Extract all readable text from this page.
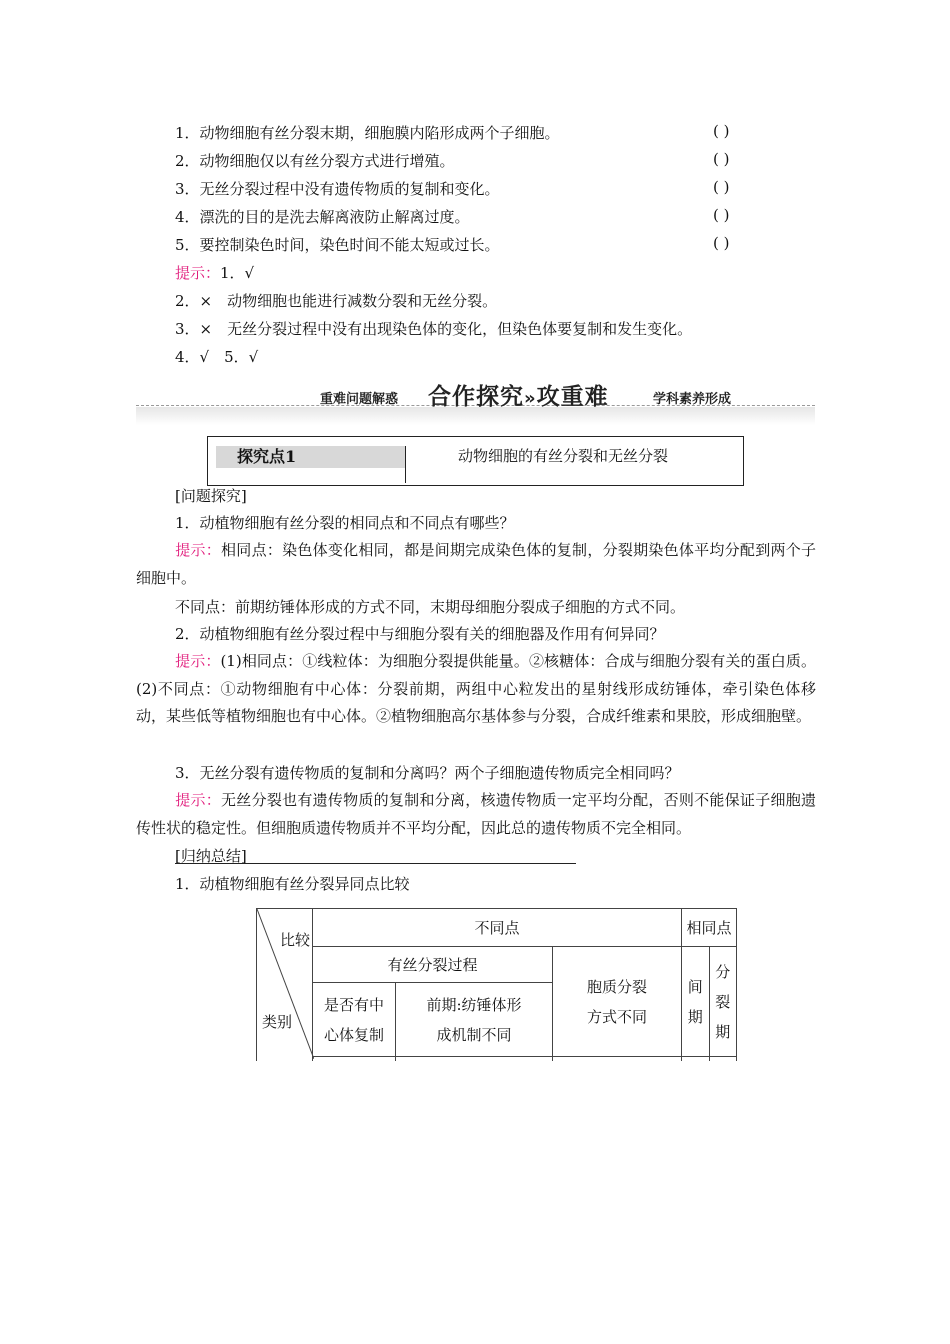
1．动物细胞有丝分裂末期，细胞膜内陷形成两个子细胞。	( )
2．动物细胞仅以有丝分裂方式进行增殖。	( )
3．无丝分裂过程中没有遗传物质的复制和变化。	( )
4．漂洗的目的是洗去解离液防止解离过度。	( )
5．要控制染色时间，染色时间不能太短或过长。	( )
提示：1．√
2．×　动物细胞也能进行减数分裂和无丝分裂。
3．×　无丝分裂过程中没有出现染色体的变化，但染色体要复制和发生变化。
4．√　5．√
重难问题解惑 合作探究»攻重难	学科素养形成
探究点1	动物细胞的有丝分裂和无丝分裂
[问题探究]
1．动植物细胞有丝分裂的相同点和不同点有哪些？
提示：相同点：染色体变化相同，都是间期完成染色体的复制，分裂期染色体平均分配到两个子细胞中。
不同点：前期纺锤体形成的方式不同，末期母细胞分裂成子细胞的方式不同。
2．动植物细胞有丝分裂过程中与细胞分裂有关的细胞器及作用有何异同？
提示：(1)相同点：①线粒体：为细胞分裂提供能量。②核糖体：合成与细胞分裂有关的蛋白质。(2)不同点：①动物细胞有中心体：分裂前期，两组中心粒发出的星射线形成纺锤体，牵引染色体移动，某些低等植物细胞也有中心体。②植物细胞高尔基体参与分裂，合成纤维素和果胶，形成细胞壁。
3．无丝分裂有遗传物质的复制和分离吗？两个子细胞遗传物质完全相同吗？
提示：无丝分裂也有遗传物质的复制和分离，核遗传物质一定平均分配，否则不能保证子细胞遗传性状的稳定性。但细胞质遗传物质并不平均分配，因此总的遗传物质不完全相同。
[归纳总结]
1．动植物细胞有丝分裂异同点比较
比较
类别	不同点			相同点	
	有丝分裂过程		胞质分裂方式不同	间期	分裂期

	是否有中心体复制	前期:纺锤体形成机制不同			
